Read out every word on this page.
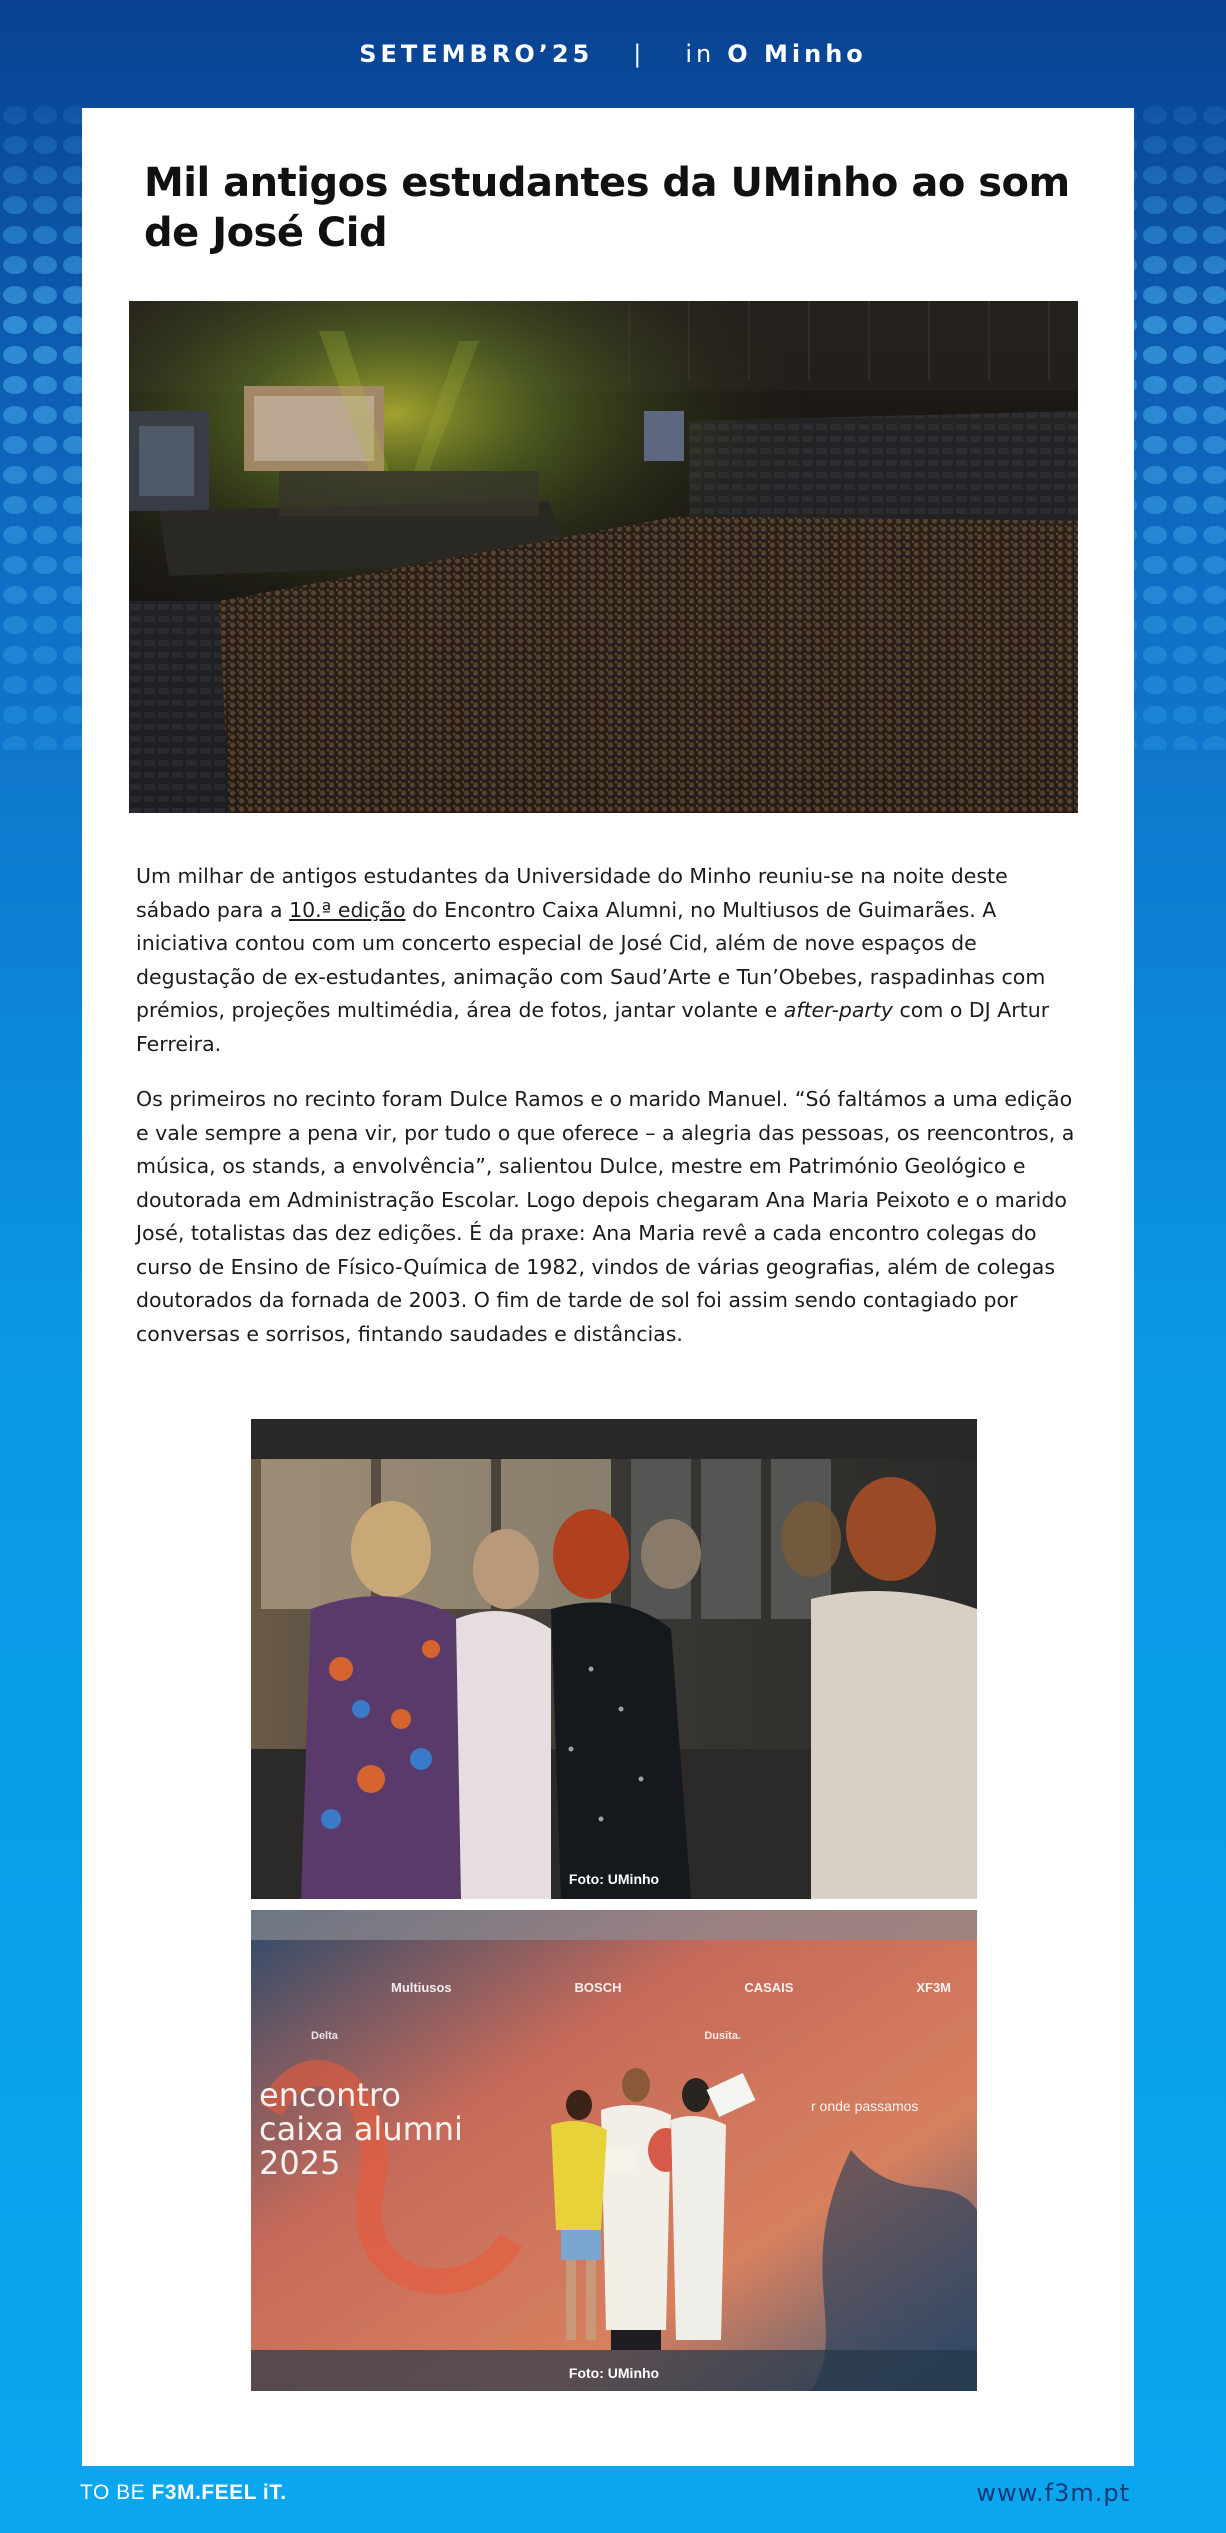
SETEMBRO’25 | in O Minho
Mil antigos estudantes da UMinho ao som de José Cid

Um milhar de antigos estudantes da Universidade do Minho reuniu-se na noite deste sábado para a 10.ª edição do Encontro Caixa Alumni, no Multiusos de Guimarães. A iniciativa contou com um concerto especial de José Cid, além de nove espaços de degustação de ex-estudantes, animação com Saud’Arte e Tun’Obebes, raspadinhas com prémios, projeções multimédia, área de fotos, jantar volante e after-party com o DJ Artur Ferreira.

Os primeiros no recinto foram Dulce Ramos e o marido Manuel. “Só faltámos a uma edição e vale sempre a pena vir, por tudo o que oferece – a alegria das pessoas, os reencontros, a música, os stands, a envolvência”, salientou Dulce, mestre em Património Geológico e doutorada em Administração Escolar. Logo depois chegaram Ana Maria Peixoto e o marido José, totalistas das dez edições. É da praxe: Ana Maria revê a cada encontro colegas do curso de Ensino de Físico-Química de 1982, vindos de várias geografias, além de colegas doutorados da fornada de 2003. O fim de tarde de sol foi assim sendo contagiado por conversas e sorrisos, fintando saudades e distâncias.

Foto: UMinho
Multiusos	BOSCH	CASAIS	XF3M
Delta	Dusita.
encontro
caixa alumni
2025
r onde passamos
Foto: UMinho
TO BE F3M.FEEL iT.	www.f3m.pt
